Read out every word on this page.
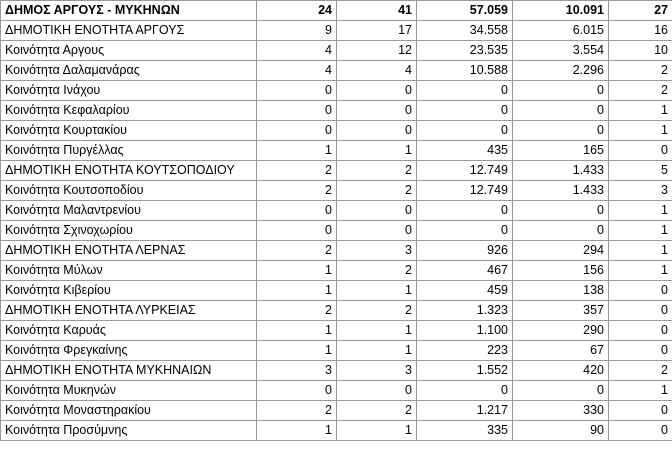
ΔΗΜΟΣ ΑΡΓΟΥΣ - ΜΥΚΗΝΩΝ	24	41	57.059	10.091	27
ΔΗΜΟΤΙΚΗ ΕΝΟΤΗΤΑ ΑΡΓΟΥΣ	9	17	34.558	6.015	16
Κοινότητα Αργους	4	12	23.535	3.554	10
Κοινότητα Δαλαμανάρας	4	4	10.588	2.296	2
Κοινότητα Ινάχου	0	0	0	0	2
Κοινότητα Κεφαλαρίου	0	0	0	0	1
Κοινότητα Κουρτακίου	0	0	0	0	1
Κοινότητα Πυργέλλας	1	1	435	165	0
ΔΗΜΟΤΙΚΗ ΕΝΟΤΗΤΑ ΚΟΥΤΣΟΠΟΔΙΟΥ	2	2	12.749	1.433	5
Κοινότητα Κουτσοποδίου	2	2	12.749	1.433	3
Κοινότητα Μαλαντρενίου	0	0	0	0	1
Κοινότητα Σχινοχωρίου	0	0	0	0	1
ΔΗΜΟΤΙΚΗ ΕΝΟΤΗΤΑ ΛΕΡΝΑΣ	2	3	926	294	1
Κοινότητα Μύλων	1	2	467	156	1
Κοινότητα Κιβερίου	1	1	459	138	0
ΔΗΜΟΤΙΚΗ ΕΝΟΤΗΤΑ ΛΥΡΚΕΙΑΣ	2	2	1.323	357	0
Κοινότητα Καρυάς	1	1	1.100	290	0
Κοινότητα Φρεγκαίνης	1	1	223	67	0
ΔΗΜΟΤΙΚΗ ΕΝΟΤΗΤΑ ΜΥΚΗΝΑΙΩΝ	3	3	1.552	420	2
Κοινότητα Μυκηνών	0	0	0	0	1
Κοινότητα Μοναστηρακίου	2	2	1.217	330	0
Κοινότητα Προσύμνης	1	1	335	90	0
